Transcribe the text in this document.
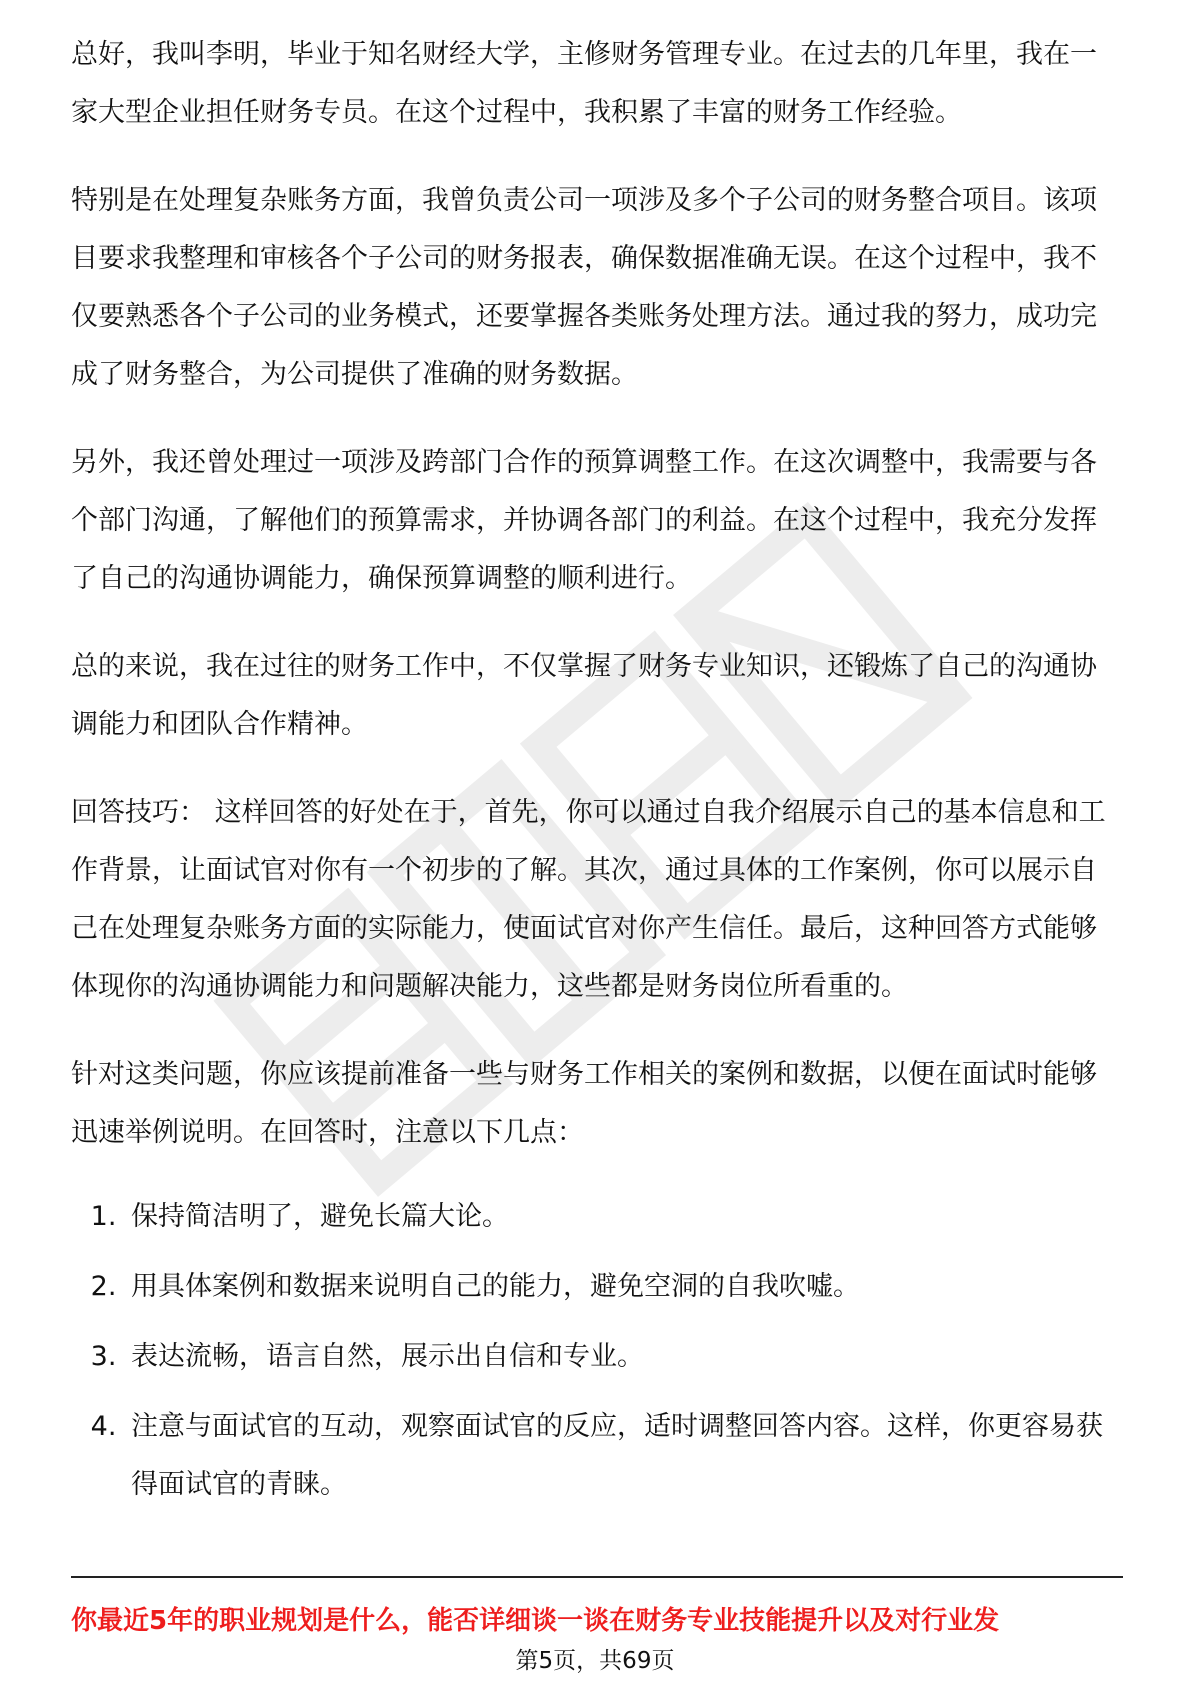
总好，我叫李明，毕业于知名财经大学，主修财务管理专业。在过去的几年里，我在一家大型企业担任财务专员。在这个过程中，我积累了丰富的财务工作经验。

特别是在处理复杂账务方面，我曾负责公司一项涉及多个子公司的财务整合项目。该项目要求我整理和审核各个子公司的财务报表，确保数据准确无误。在这个过程中，我不仅要熟悉各个子公司的业务模式，还要掌握各类账务处理方法。通过我的努力，成功完成了财务整合，为公司提供了准确的财务数据。

另外，我还曾处理过一项涉及跨部门合作的预算调整工作。在这次调整中，我需要与各个部门沟通，了解他们的预算需求，并协调各部门的利益。在这个过程中，我充分发挥了自己的沟通协调能力，确保预算调整的顺利进行。

总的来说，我在过往的财务工作中，不仅掌握了财务专业知识，还锻炼了自己的沟通协调能力和团队合作精神。

回答技巧： 这样回答的好处在于，首先，你可以通过自我介绍展示自己的基本信息和工作背景，让面试官对你有一个初步的了解。其次，通过具体的工作案例，你可以展示自己在处理复杂账务方面的实际能力，使面试官对你产生信任。最后，这种回答方式能够体现你的沟通协调能力和问题解决能力，这些都是财务岗位所看重的。

针对这类问题，你应该提前准备一些与财务工作相关的案例和数据，以便在面试时能够迅速举例说明。在回答时，注意以下几点：

1. 保持简洁明了，避免长篇大论。
2. 用具体案例和数据来说明自己的能力，避免空洞的自我吹嘘。
3. 表达流畅，语言自然，展示出自信和专业。
4. 注意与面试官的互动，观察面试官的反应，适时调整回答内容。这样，你更容易获得面试官的青睐。
你最近5年的职业规划是什么，能否详细谈一谈在财务专业技能提升以及对行业发
第5页，共69页
